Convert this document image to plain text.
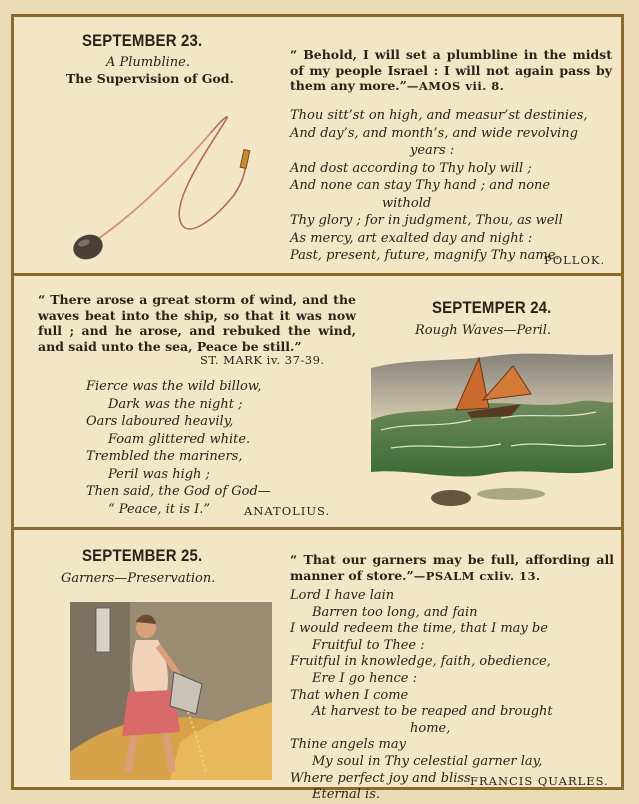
SEPTEMBER 23.
A Plumbline.
The Supervision of God.
“ Behold, I will set a plumbline in the midst of my people Israel : I will not again pass by them any more.”—AMOS vii. 8.
Thou sitt’st on high, and measur’st destinies,
And day’s, and month’s, and wide revolving
years :
And dost according to Thy holy will ;
And none can stay Thy hand ; and none
withold
Thy glory ; for in judgment, Thou, as well
As mercy, art exalted day and night :
Past, present, future, magnify Thy name.
POLLOK.
“ There arose a great storm of wind, and the waves beat into the ship, so that it was now full ; and he arose, and rebuked the wind, and said unto the sea, Peace be still.”
ST. MARK iv. 37-39.
Fierce was the wild billow,
Dark was the night ;
Oars laboured heavily,
Foam glittered white.
Trembled the mariners,
Peril was high ;
Then said, the God of God—
“ Peace, it is I.”	ANATOLIUS.
SEPTEMPER 24.
Rough Waves—Peril.
SEPTEMBER 25.
Garners—Preservation.
“ That our garners may be full, affording all manner of store.”—PSALM cxliv. 13.
Lord I have lain
Barren too long, and fain
I would redeem the time, that I may be
Fruitful to Thee :
Fruitful in knowledge, faith, obedience,
Ere I go hence :
That when I come
At harvest to be reaped and brought
home,
Thine angels may
My soul in Thy celestial garner lay,
Where perfect joy and bliss
Eternal is.
FRANCIS QUARLES.
